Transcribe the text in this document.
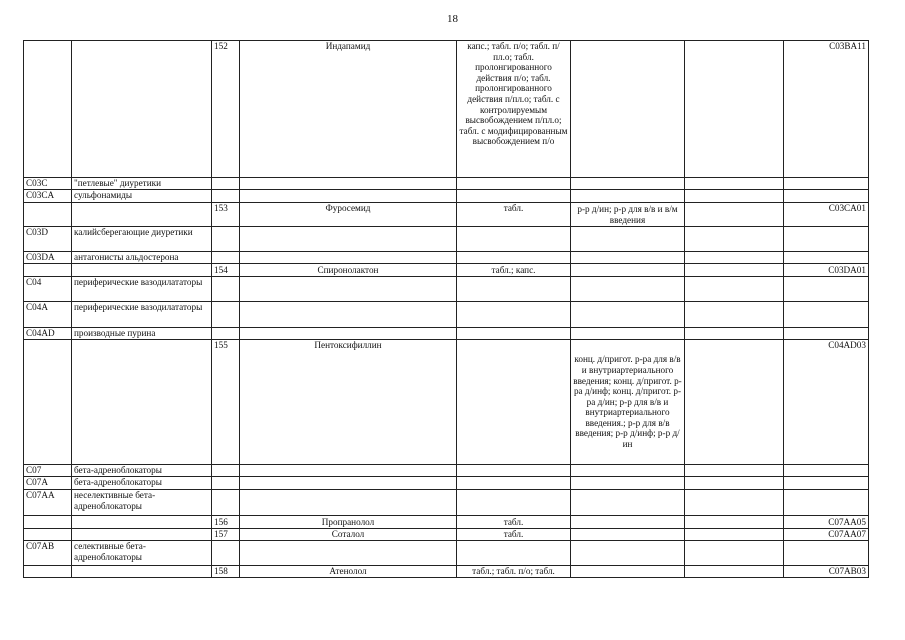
18
		152	Индапамид	капс.; табл. п/о; табл. п/пл.о; табл. пролонгированного действия п/о; табл. пролонгированного действия п/пл.о; табл. с контролируемым высвобождением п/пл.о; табл. с модифицированным высвобождением п/о			C03BA11
C03C	"петлевые" диуретики						
C03CA	сульфонамиды						
		153	Фуросемид	табл.	р-р д/ин; р-р для в/в и в/м введения		C03CA01
C03D	калийсберегающие диуретики						
C03DA	антагонисты альдостерона						
		154	Спиронолактон	табл.; капс.			C03DA01
C04	периферические вазодилататоры						
C04A	периферические вазодилататоры						
C04AD	производные пурина						
		155	Пентоксифиллин		конц. д/пригот. р-ра для в/в и внутриартериального введения; конц. д/пригот. р-ра д/инф; конц. д/пригот. р-ра д/ин; р-р для в/в и внутриартериального введения.; р-р для в/в введения; р-р д/инф; р-р д/ин		C04AD03
C07	бета-адреноблокаторы						
C07A	бета-адреноблокаторы						
C07AA	неселективные бета-адреноблокаторы						
		156	Пропранолол	табл.			C07AA05
		157	Соталол	табл.			C07AA07
C07AB	селективные бета-адреноблокаторы						
		158	Атенолол	табл.; табл. п/о; табл.			C07AB03
